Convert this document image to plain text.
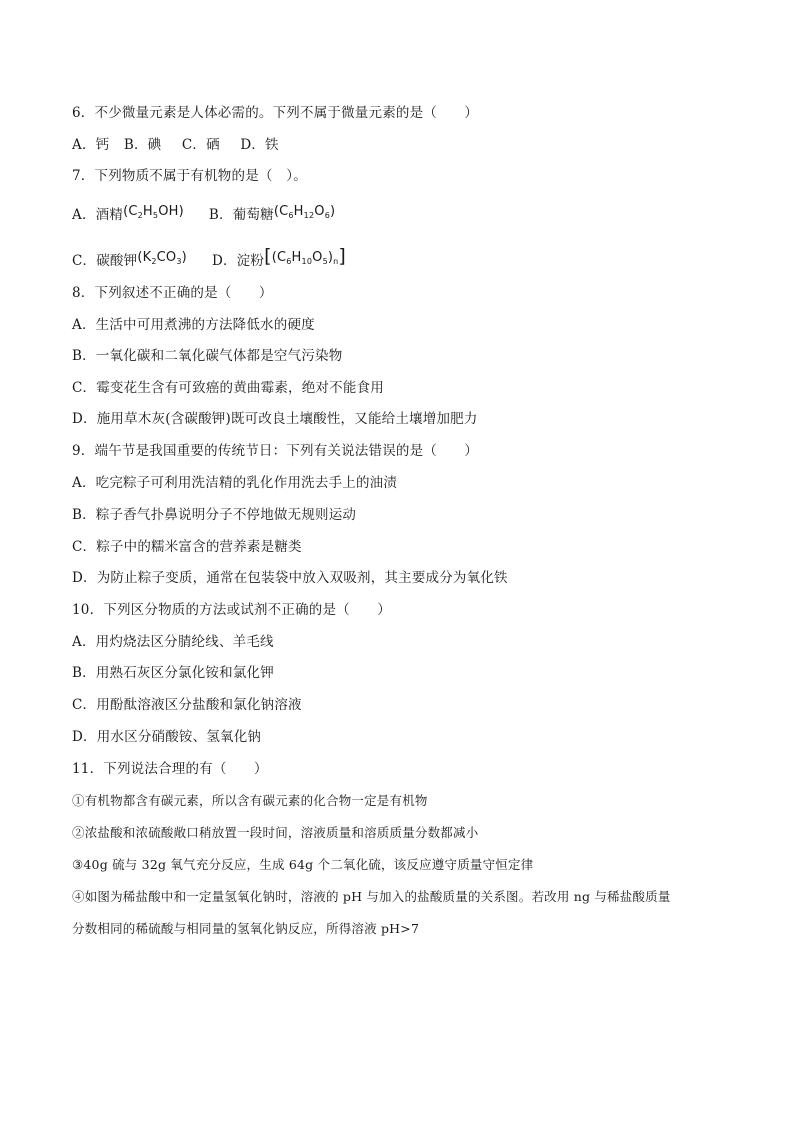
6．不少微量元素是人体必需的。下列不属于微量元素的是（　　）
A．钙 B．碘 C．硒 D．铁
7．下列物质不属于有机物的是（　）。
A．酒精$(C_2H_5OH)$ B．葡萄糖$(C_6H_{12}O_6)$
C．碳酸钾$(K_2CO_3)$ D．淀粉$[(C_6H_{10}O_5)_n]$
8．下列叙述不正确的是（　　）
A．生活中可用煮沸的方法降低水的硬度
B．一氧化碳和二氧化碳气体都是空气污染物
C．霉变花生含有可致癌的黄曲霉素，绝对不能食用
D．施用草木灰(含碳酸钾)既可改良土壤酸性，又能给土壤增加肥力
9．端午节是我国重要的传统节日：下列有关说法错误的是（　　）
A．吃完粽子可利用洗洁精的乳化作用洗去手上的油渍
B．粽子香气扑鼻说明分子不停地做无规则运动
C．粽子中的糯米富含的营养素是糖类
D．为防止粽子变质，通常在包装袋中放入双吸剂，其主要成分为氧化铁
10．下列区分物质的方法或试剂不正确的是（　　）
A．用灼烧法区分腈纶线、羊毛线
B．用熟石灰区分氯化铵和氯化钾
C．用酚酞溶液区分盐酸和氯化钠溶液
D．用水区分硝酸铵、氢氧化钠
11．下列说法合理的有（　　）
①有机物都含有碳元素，所以含有碳元素的化合物一定是有机物
②浓盐酸和浓硫酸敞口稍放置一段时间，溶液质量和溶质质量分数都减小
③40g 硫与 32g 氧气充分反应，生成 64g 个二氧化硫，该反应遵守质量守恒定律
④如图为稀盐酸中和一定量氢氧化钠时，溶液的 pH 与加入的盐酸质量的关系图。若改用 ng 与稀盐酸质量
分数相同的稀硫酸与相同量的氢氧化钠反应，所得溶液 pH>7
